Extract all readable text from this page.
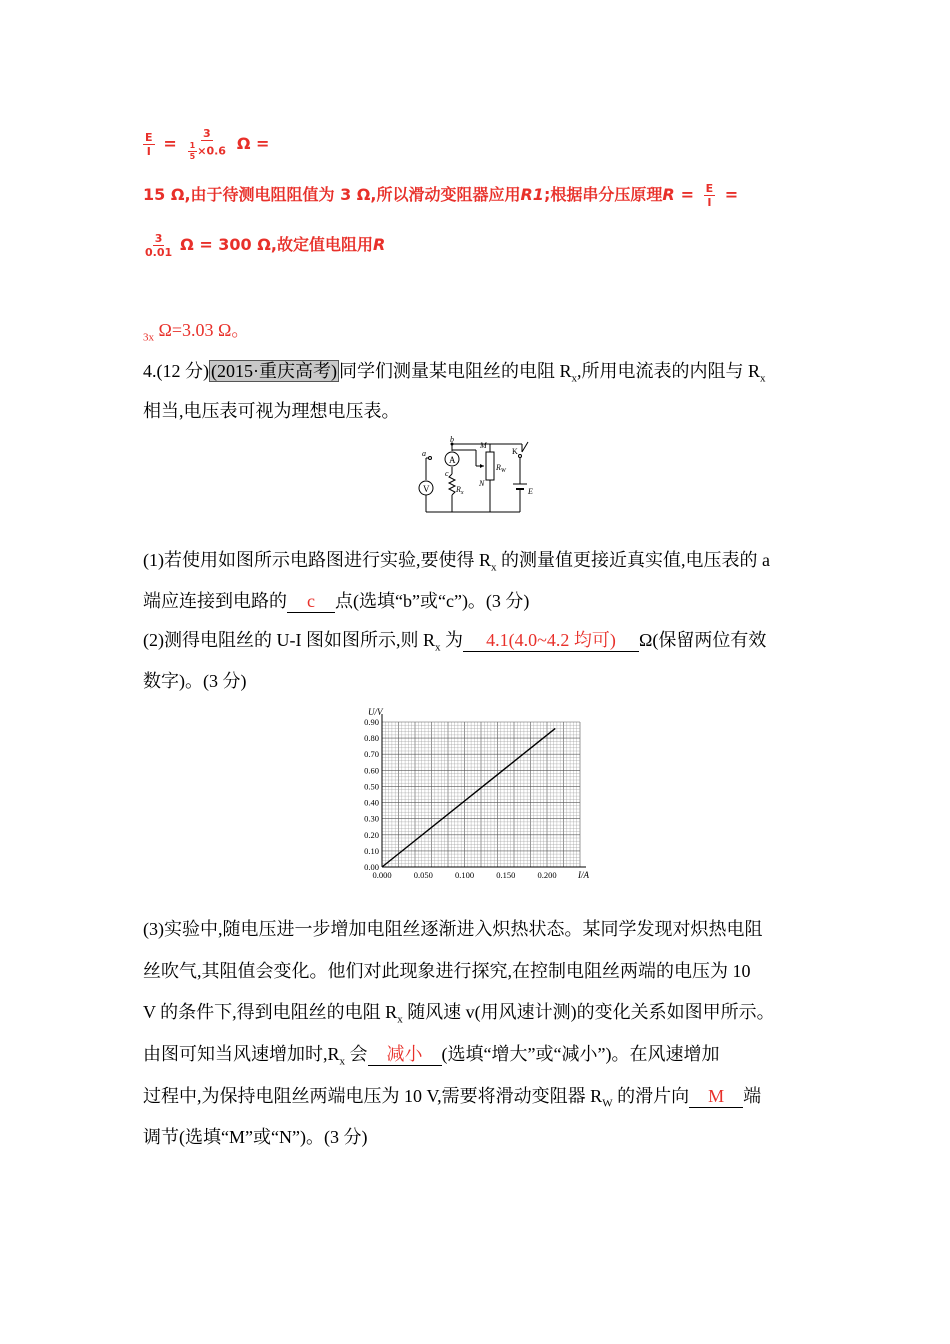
$\frac{E}{I} = \frac{3}{\frac{1}{5} \times 0.6}$ Ω =
15 Ω,由于待测电阻阻值为 3 Ω,所以滑动变阻器应用R1;根据串分压原理$R = \frac{E}{I}$ =
$\frac{3}{0.01}$ Ω = 300 Ω,故定值电阻用R
$_{3x}$ Ω=3.03 Ω。
4.(12 分) (2015·重庆高考) 同学们测量某电阻丝的电阻 $R_x$,所用电流表的内阻与 $R_x$
相当,电压表可视为理想电压表。
A
V
a
b
c
M
N
K
E
$R_W$
$R_x$
(1)若使用如图所示电路图进行实验,要使得 $R_x$ 的测量值更接近真实值,电压表的 a
端应连接到电路的 c 点(选填“b”或“c”)。(3 分)
(2)测得电阻丝的 U-I 图如图所示,则 $R_x$ 为 4.1(4.0~4.2 均可) Ω(保留两位有效
数字)。(3 分)
0.00
0.10
0.20
0.30
0.40
0.50
0.60
0.70
0.80
0.90
0.000	0.050	0.100	0.150	0.200
U/V
I/A
(3)实验中,随电压进一步增加电阻丝逐渐进入炽热状态。某同学发现对炽热电阻
丝吹气,其阻值会变化。他们对此现象进行探究,在控制电阻丝两端的电压为 10
V 的条件下,得到电阻丝的电阻 $R_x$ 随风速 v(用风速计测)的变化关系如图甲所示。
由图可知当风速增加时$,R_x$ 会 减小 (选填“增大”或“减小”)。在风速增加
过程中,为保持电阻丝两端电压为 10 V,需要将滑动变阻器 $R_W$ 的滑片向 M 端
调节(选填“M”或“N”)。(3 分)
